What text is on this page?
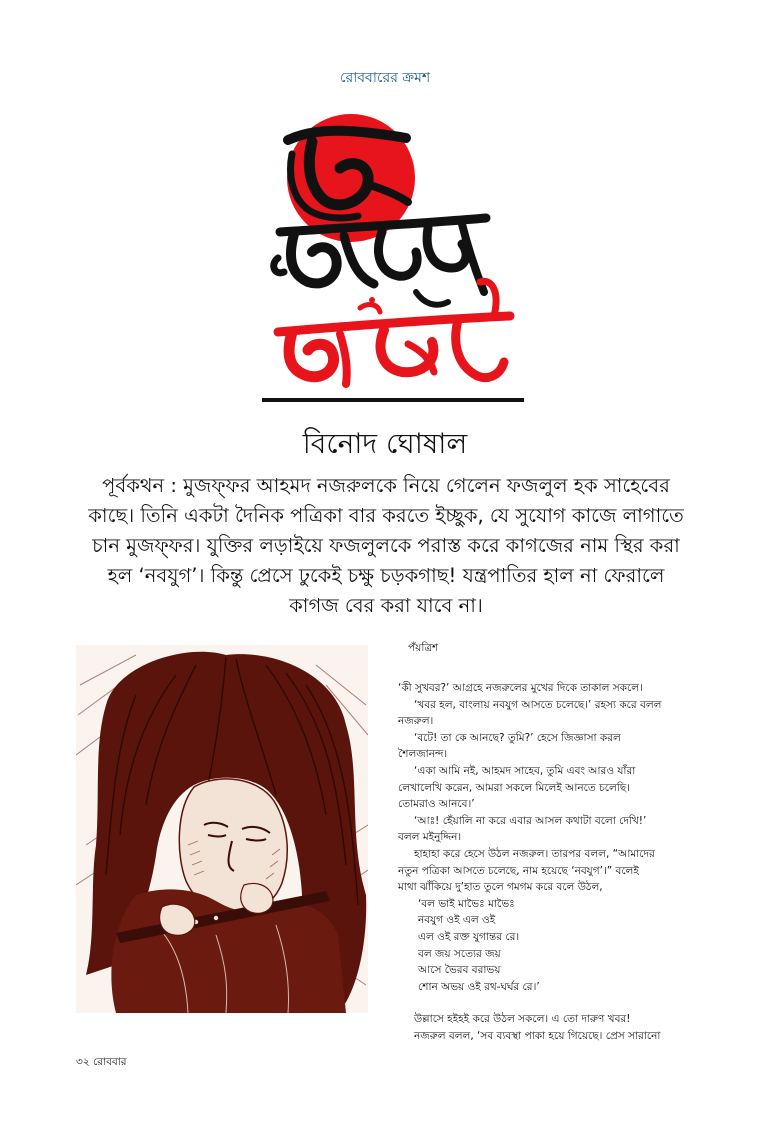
রোববারের ক্রমশ
বিনোদ ঘোষাল
পূর্বকথন : মুজফ্‌ফর আহমদ নজরুলকে নিয়ে গেলেন ফজলুল হক সাহেবের
কাছে। তিনি একটা দৈনিক পত্রিকা বার করতে ইচ্ছুক, যে সুযোগ কাজে লাগাতে
চান মুজফ্‌ফর। যুক্তির লড়াইয়ে ফজলুলকে পরাস্ত করে কাগজের নাম স্থির করা
হল ‘নবযুগ’। কিন্তু প্রেসে ঢুকেই চক্ষু চড়কগাছ! যন্ত্রপাতির হাল না ফেরালে
কাগজ বের করা যাবে না।
পঁয়ত্রিশ

‘কী সুখবর?’ আগ্রহে নজরুলের মুখের দিকে তাকাল সকলে।

‘খবর হল, বাংলায় নবযুগ আসতে চলেছে।’ রহস্য করে বলল

নজরুল।

‘বটে! তা কে আনছে? তুমি?’ হেসে জিজ্ঞাসা করল

শৈলজানন্দ।

‘একা আমি নই, আহমদ সাহেব, তুমি এবং আরও যাঁরা

লেখালেখি করেন, আমরা সকলে মিলেই আনতে চলেছি।

তোমরাও আনবে।’

‘আঃ! হেঁয়ালি না করে এবার আসল কথাটা বলো দেখি!’

বলল মইনুদ্দিন।

হাহাহা করে হেসে উঠল নজরুল। তারপর বলল, “আমাদের

নতুন পত্রিকা আসতে চলেছে, নাম হয়েছে ‘নবযুগ’।” বলেই

মাথা ঝাঁকিয়ে দু’হাত তুলে গমগম করে বলে উঠল,

‘বল ভাই মাভৈঃ মাভৈঃ

নবযুগ ওই এল ওই

এল ওই রক্ত যুগান্তর রে।

বল জয় সত্যের জয়

আসে ভৈরব বরাভয়

শোন অভয় ওই রথ-ঘর্ঘর রে।’

উল্লাসে হইহই করে উঠল সকলে। এ তো দারুণ খবর!

নজরুল বলল, ‘সব ব্যবস্থা পাকা হয়ে গিয়েছে। প্রেস সারানো

৩২ রোববার
